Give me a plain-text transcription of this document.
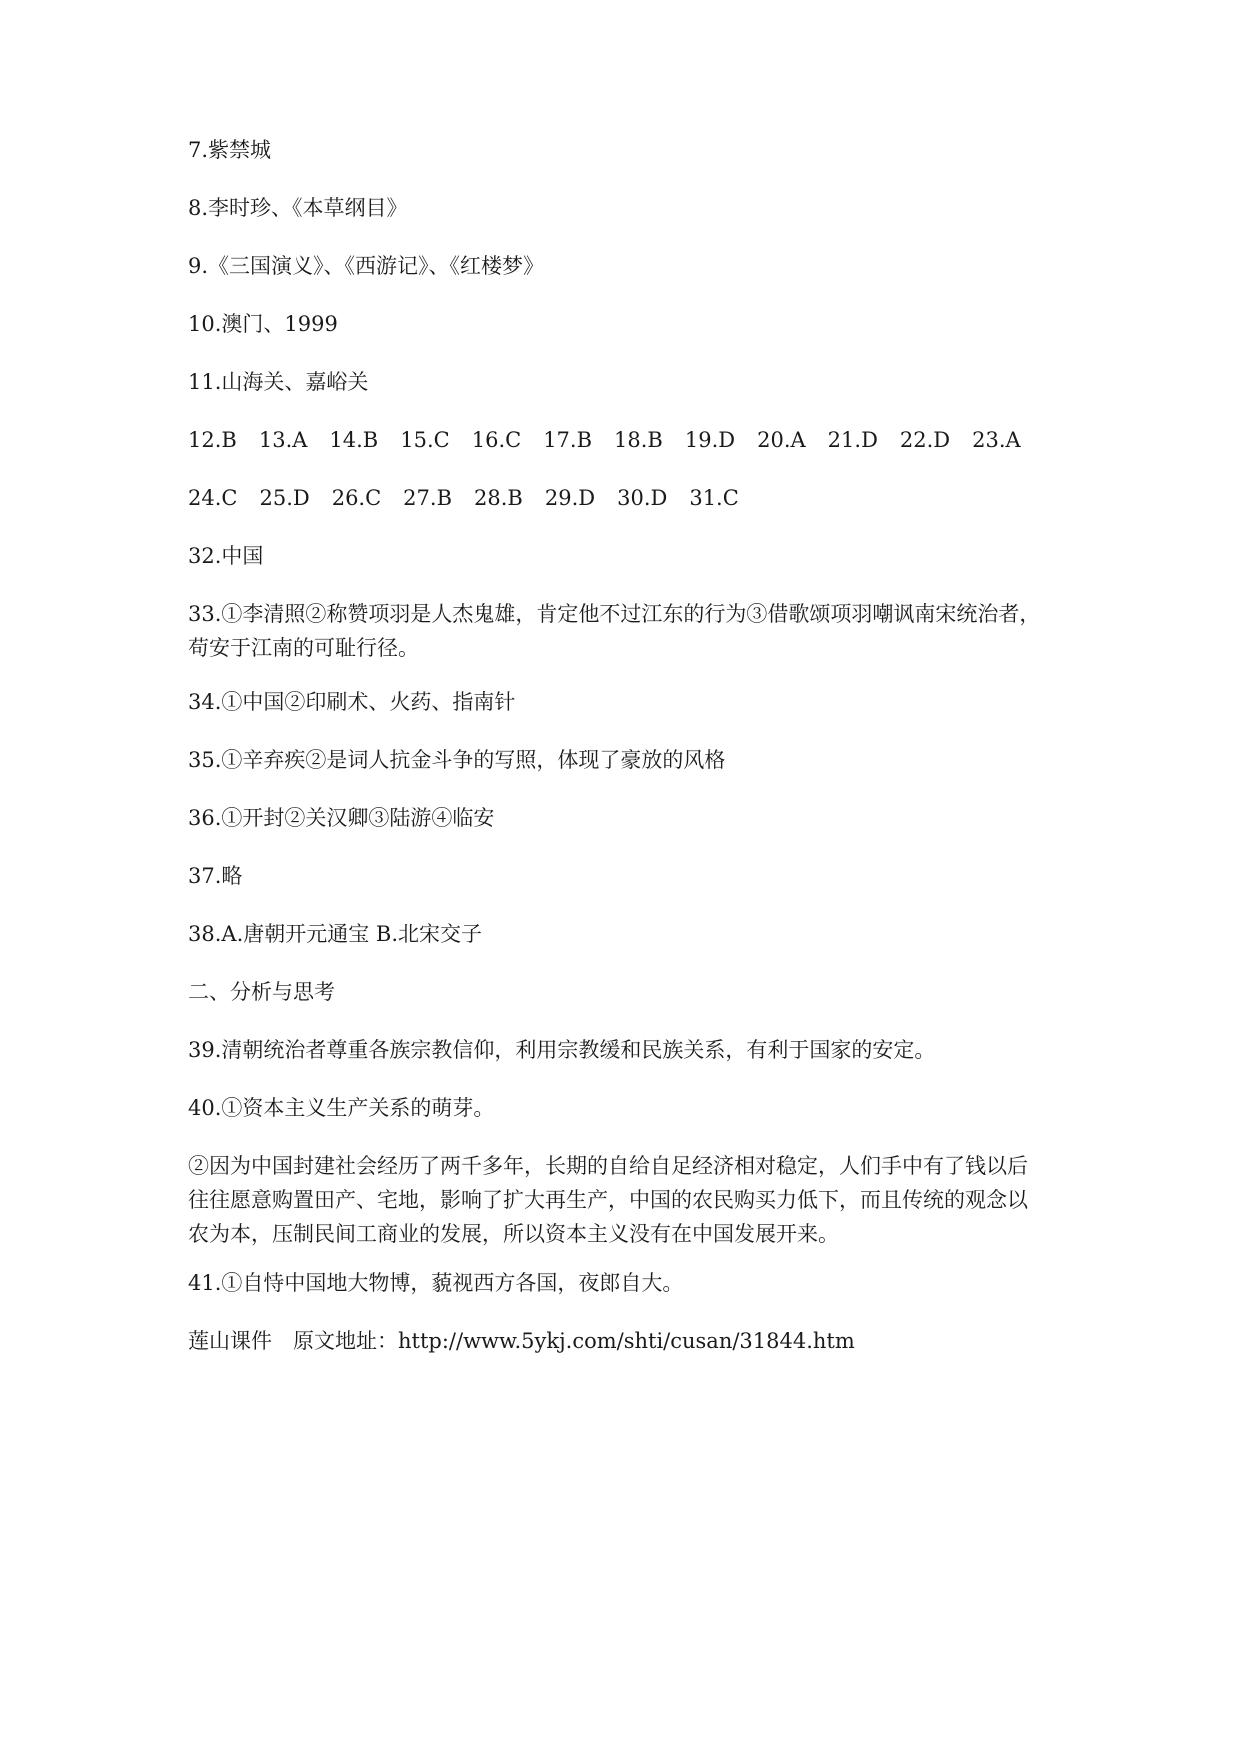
7.紫禁城
8.李时珍、《本草纲目》
9.《三国演义》、《西游记》、《红楼梦》
10.澳门、1999
11.山海关、嘉峪关
12.B 13.A 14.B 15.C 16.C 17.B 18.B 19.D 20.A 21.D 22.D 23.A
24.C 25.D 26.C 27.B 28.B 29.D 30.D 31.C
32.中国
33.①李清照②称赞项羽是人杰鬼雄，肯定他不过江东的行为③借歌颂项羽嘲讽南宋统治者，
苟安于江南的可耻行径。
34.①中国②印刷术、火药、指南针
35.①辛弃疾②是词人抗金斗争的写照，体现了豪放的风格
36.①开封②关汉卿③陆游④临安
37.略
38.A.唐朝开元通宝 B.北宋交子
二、分析与思考
39.清朝统治者尊重各族宗教信仰，利用宗教缓和民族关系，有利于国家的安定。
40.①资本主义生产关系的萌芽。
②因为中国封建社会经历了两千多年，长期的自给自足经济相对稳定，人们手中有了钱以后
往往愿意购置田产、宅地，影响了扩大再生产，中国的农民购买力低下，而且传统的观念以
农为本，压制民间工商业的发展，所以资本主义没有在中国发展开来。
41.①自恃中国地大物博，藐视西方各国，夜郎自大。
莲山课件　原文地址：http://www.5ykj.com/shti/cusan/31844.htm
